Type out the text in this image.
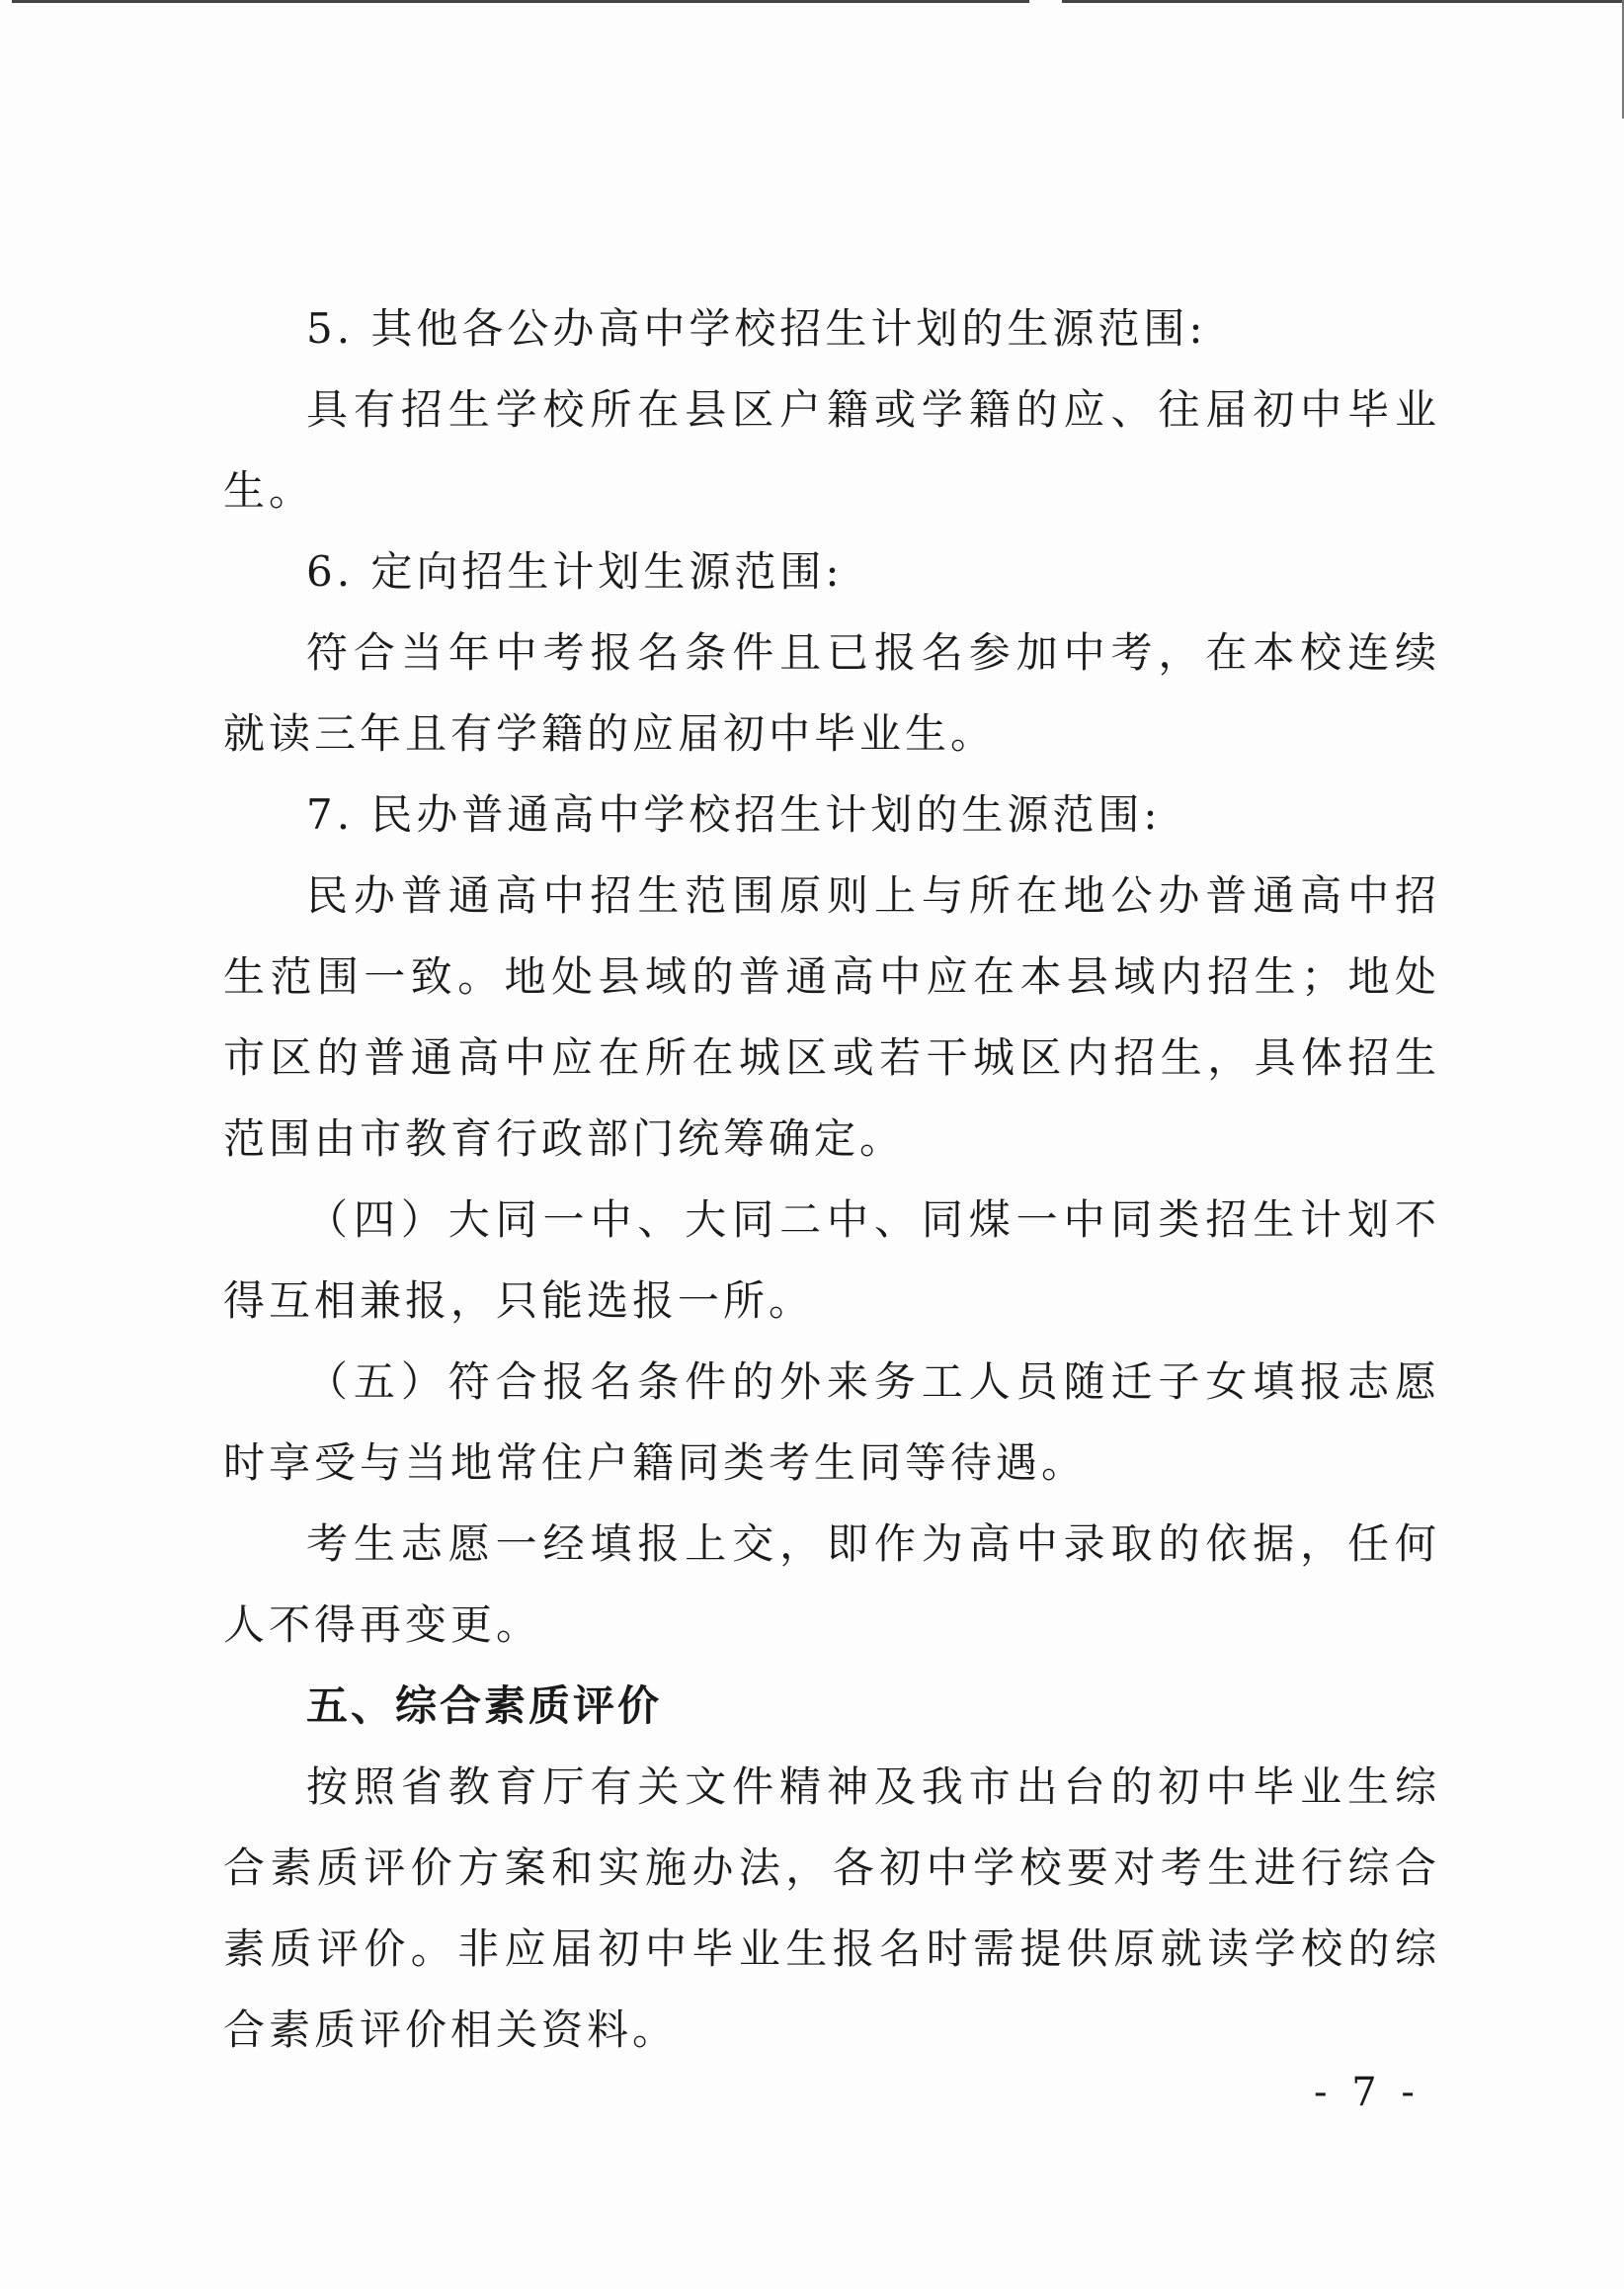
5. 其他各公办高中学校招生计划的生源范围:

具有招生学校所在县区户籍或学籍的应、往届初中毕业生。

6. 定向招生计划生源范围:

符合当年中考报名条件且已报名参加中考，在本校连续就读三年且有学籍的应届初中毕业生。

7. 民办普通高中学校招生计划的生源范围:

民办普通高中招生范围原则上与所在地公办普通高中招生范围一致。地处县域的普通高中应在本县域内招生；地处市区的普通高中应在所在城区或若干城区内招生，具体招生范围由市教育行政部门统筹确定。

（四）大同一中、大同二中、同煤一中同类招生计划不得互相兼报，只能选报一所。

（五）符合报名条件的外来务工人员随迁子女填报志愿时享受与当地常住户籍同类考生同等待遇。

考生志愿一经填报上交，即作为高中录取的依据，任何人不得再变更。

五、综合素质评价

按照省教育厅有关文件精神及我市出台的初中毕业生综合素质评价方案和实施办法，各初中学校要对考生进行综合素质评价。非应届初中毕业生报名时需提供原就读学校的综合素质评价相关资料。

- 7 -
